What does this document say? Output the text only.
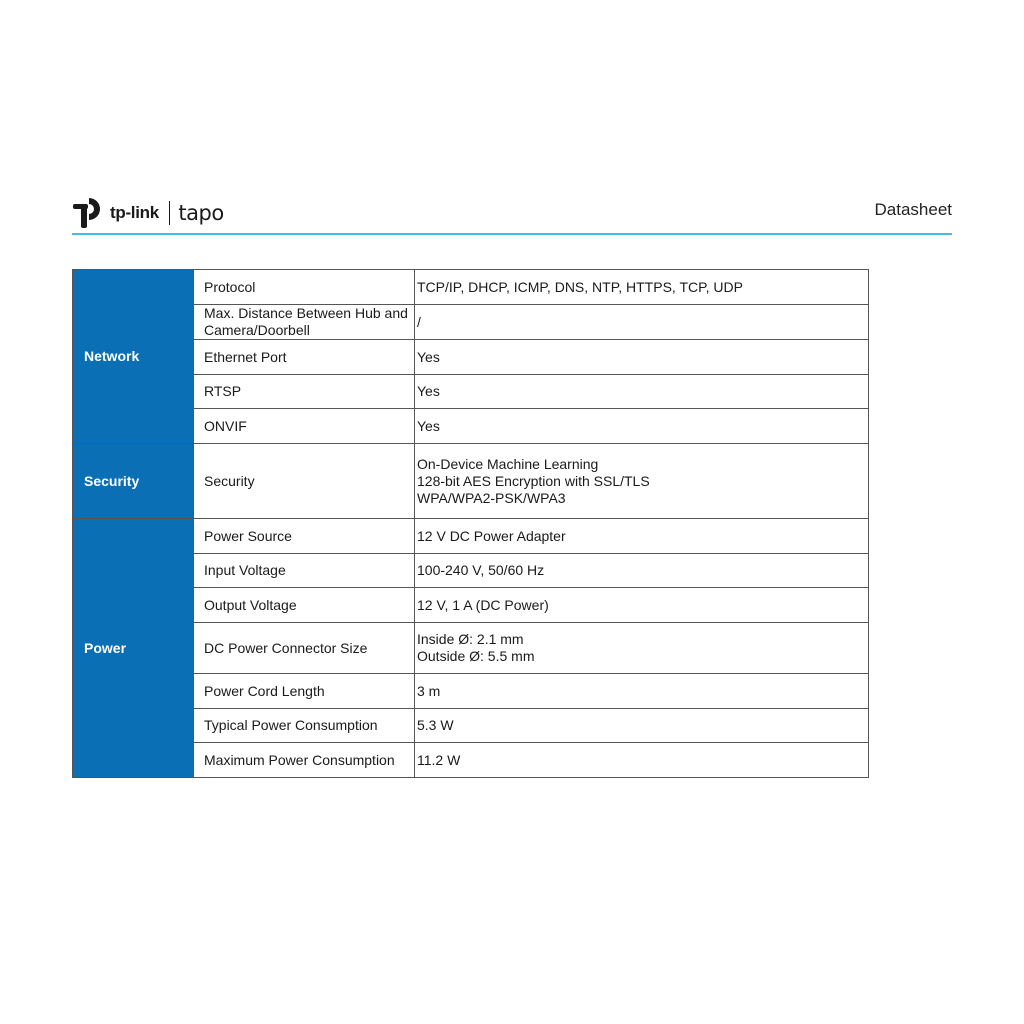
tp-link tapo	Datasheet
Network	Protocol	TCP/IP, DHCP, ICMP, DNS, NTP, HTTPS, TCP, UDP
	Max. Distance Between Hub and Camera/Doorbell	/
	Ethernet Port	Yes
	RTSP	Yes
	ONVIF	Yes
Security	Security	On-Device Machine Learning
128-bit AES Encryption with SSL/TLS
WPA/WPA2-PSK/WPA3

Power	Power Source	12 V DC Power Adapter
	Input Voltage	100-240 V, 50/60 Hz
	Output Voltage	12 V, 1 A (DC Power)
	DC Power Connector Size	Inside Ø: 2.1 mm
Outside Ø: 5.5 mm

	Power Cord Length	3 m
	Typical Power Consumption	5.3 W
	Maximum Power Consumption	11.2 W
